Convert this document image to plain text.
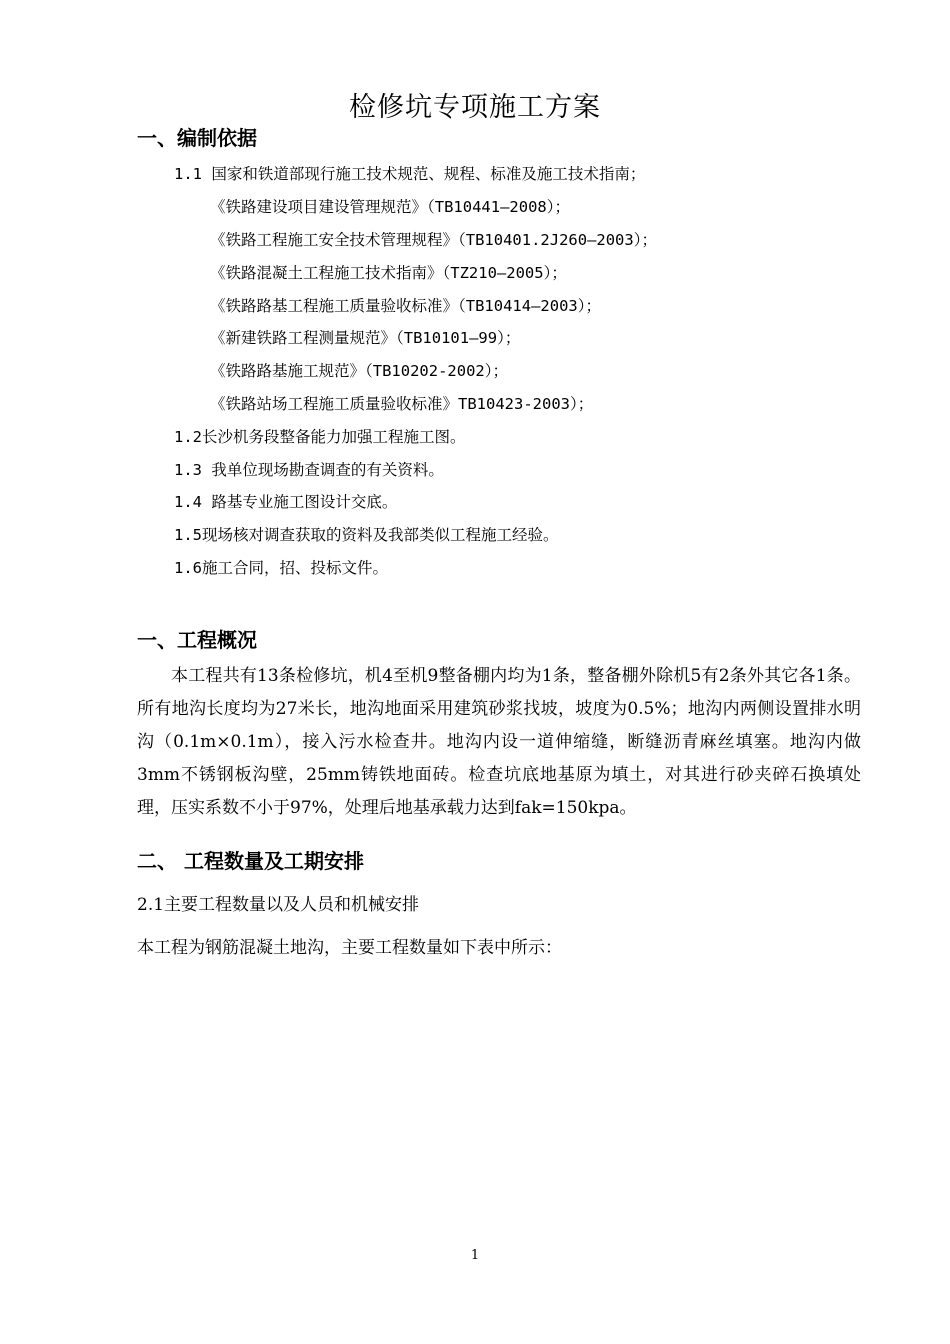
检修坑专项施工方案
一、编制依据
1.1 国家和铁道部现行施工技术规范、规程、标准及施工技术指南；
《铁路建设项目建设管理规范》（TB10441—2008）；
《铁路工程施工安全技术管理规程》（TB10401.2J260—2003）；
《铁路混凝土工程施工技术指南》（TZ210—2005）；
《铁路路基工程施工质量验收标准》（TB10414—2003）；
《新建铁路工程测量规范》（TB10101—99）；
《铁路路基施工规范》（TB10202-2002）；
《铁路站场工程施工质量验收标准》TB10423-2003）；
1.2长沙机务段整备能力加强工程施工图。
1.3 我单位现场勘查调查的有关资料。
1.4 路基专业施工图设计交底。
1.5现场核对调查获取的资料及我部类似工程施工经验。
1.6施工合同，招、投标文件。
一、工程概况
本工程共有13条检修坑，机4至机9整备棚内均为1条，整备棚外除机5有2条外其它各1条。所有地沟长度均为27米长，地沟地面采用建筑砂浆找坡，坡度为0.5%；地沟内两侧设置排水明沟（0.1m×0.1m），接入污水检查井。地沟内设一道伸缩缝，断缝沥青麻丝填塞。地沟内做3mm不锈钢板沟壁，25mm铸铁地面砖。检查坑底地基原为填土，对其进行砂夹碎石换填处理，压实系数不小于97%，处理后地基承载力达到fak=150kpa。
二、 工程数量及工期安排
2.1主要工程数量以及人员和机械安排
本工程为钢筋混凝土地沟，主要工程数量如下表中所示：
1
